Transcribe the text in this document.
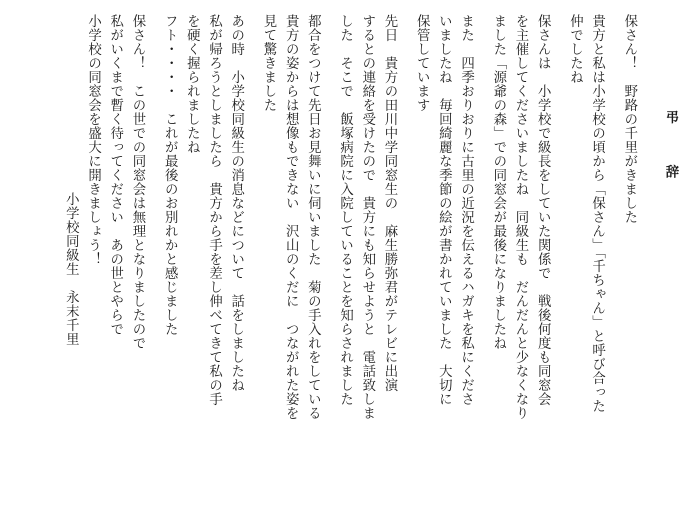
弔　辞
保さん！　野路の千里がきました
貴方と私は小学校の頃から「保さん」「千ちゃん」と呼び合った
仲でしたね
保さんは　小学校で級長をしていた関係で　戦後何度も同窓会
を主催してくださいましたね　同級生も　だんだんと少なくなり
ました「源爺の森」での同窓会が最後になりましたね
また　四季おりおりに古里の近況を伝えるハガキを私にくださ
いましたね　毎回綺麗な季節の絵が書かれていました　大切に
保管しています
先日　貴方の田川中学同窓生の　麻生勝弥君がテレビに出演
するとの連絡を受けたので　貴方にも知らせようと　電話致しま
した　そこで　飯塚病院に入院していることを知らされました
都合をつけて先日お見舞いに伺いました　菊の手入れをしている
貴方の姿からは想像もできない　沢山のくだに　つながれた姿を
見て驚きました
あの時　小学校同級生の消息などについて　話をしましたね
私が帰ろうとしましたら　貴方から手を差し伸べてきて私の手
を硬く握られましたね
フト・・・・　これが最後のお別れかと感じました
保さん！　この世での同窓会は無理となりましたので
私がいくまで暫く待ってください　あの世とやらで
小学校の同窓会を盛大に開きましょう！
小学校同級生　永末千里
